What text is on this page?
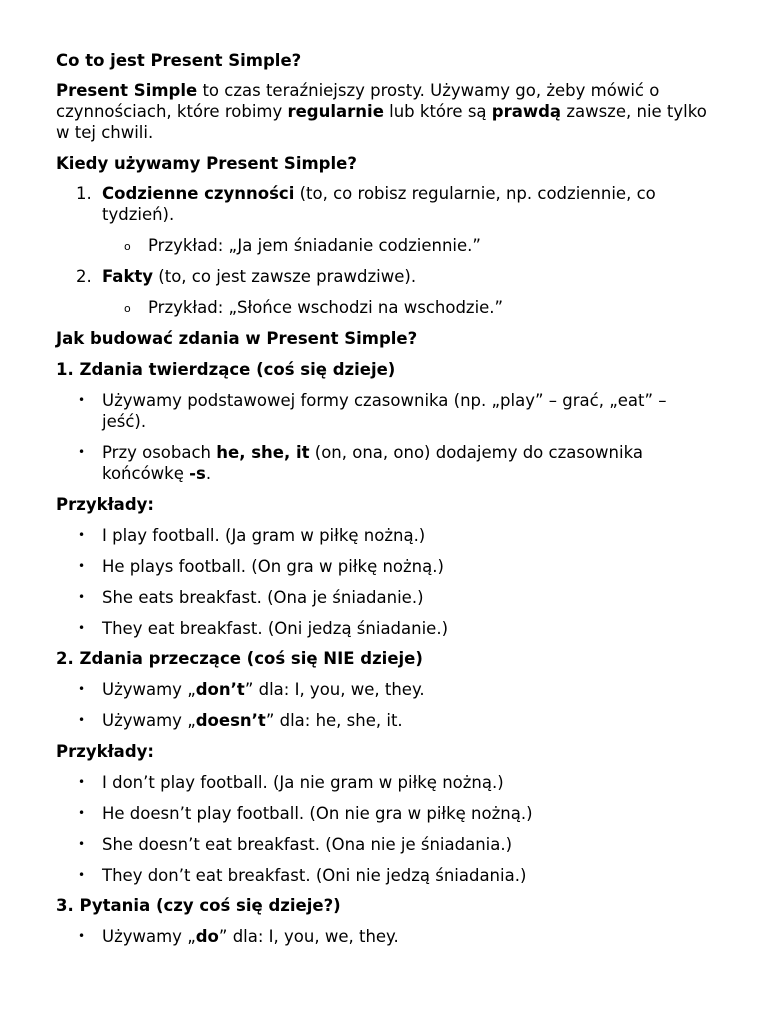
Co to jest Present Simple?

Present Simple to czas teraźniejszy prosty. Używamy go, żeby mówić o czynnościach, które robimy regularnie lub które są prawdą zawsze, nie tylko w tej chwili.

Kiedy używamy Present Simple?

1. Codzienne czynności (to, co robisz regularnie, np. codziennie, co tydzień).
o Przykład: „Ja jem śniadanie codziennie.”
2. Fakty (to, co jest zawsze prawdziwe).
o Przykład: „Słońce wschodzi na wschodzie.”

Jak budować zdania w Present Simple?

1. Zdania twierdzące (coś się dzieje)

• Używamy podstawowej formy czasownika (np. „play” – grać, „eat” – jeść).
• Przy osobach he, she, it (on, ona, ono) dodajemy do czasownika końcówkę -s.

Przykłady:

• I play football. (Ja gram w piłkę nożną.)
• He plays football. (On gra w piłkę nożną.)
• She eats breakfast. (Ona je śniadanie.)
• They eat breakfast. (Oni jedzą śniadanie.)

2. Zdania przeczące (coś się NIE dzieje)

• Używamy „don’t” dla: I, you, we, they.
• Używamy „doesn’t” dla: he, she, it.

Przykłady:

• I don’t play football. (Ja nie gram w piłkę nożną.)
• He doesn’t play football. (On nie gra w piłkę nożną.)
• She doesn’t eat breakfast. (Ona nie je śniadania.)
• They don’t eat breakfast. (Oni nie jedzą śniadania.)

3. Pytania (czy coś się dzieje?)

• Używamy „do” dla: I, you, we, they.
